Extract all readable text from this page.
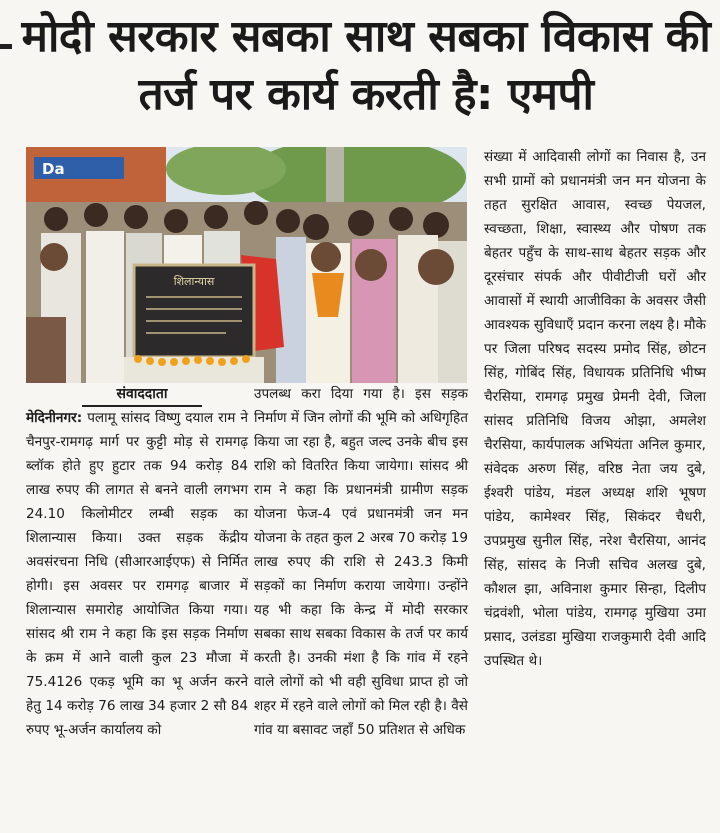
मोदी सरकार सबका साथ सबका विकास की तर्ज पर कार्य करती है: एमपी
Da
शिलान्यास
संवाददाता

मेदिनीनगर: पलामू सांसद विष्णु दयाल राम ने चैनपुर-रामगढ़ मार्ग पर कुट्टी मोड़ से रामगढ़ ब्लॉक होते हुए हुटार तक 94 करोड़ 84 लाख रुपए की लागत से बनने वाली लगभग 24.10 किलोमीटर लम्बी सड़क का शिलान्यास किया। उक्त सड़क केंद्रीय अवसंरचना निधि (सीआरआईएफ) से निर्मित होगी। इस अवसर पर रामगढ़ बाजार में शिलान्यास समारोह आयोजित किया गया। सांसद श्री राम ने कहा कि इस सड़क निर्माण के क्रम में आने वाली कुल 23 मौजा में 75.4126 एकड़ भूमि का भू अर्जन करने हेतु 14 करोड़ 76 लाख 34 हजार 2 सौ 84 रुपए भू-अर्जन कार्यालय को

उपलब्ध करा दिया गया है। इस सड़क निर्माण में जिन लोगों की भूमि को अधिगृहित किया जा रहा है, बहुत जल्द उनके बीच इस राशि को वितरित किया जायेगा। सांसद श्री राम ने कहा कि प्रधानमंत्री ग्रामीण सड़क योजना फेज-4 एवं प्रधानमंत्री जन मन योजना के तहत कुल 2 अरब 70 करोड़ 19 लाख रुपए की राशि से 243.3 किमी सड़कों का निर्माण कराया जायेगा। उन्होंने यह भी कहा कि केन्द्र में मोदी सरकार सबका साथ सबका विकास के तर्ज पर कार्य करती है। उनकी मंशा है कि गांव में रहने वाले लोगों को भी वही सुविधा प्राप्त हो जो शहर में रहने वाले लोगों को मिल रही है। वैसे गांव या बसावट जहाँ 50 प्रतिशत से अधिक

संख्या में आदिवासी लोगों का निवास है, उन सभी ग्रामों को प्रधानमंत्री जन मन योजना के तहत सुरक्षित आवास, स्वच्छ पेयजल, स्वच्छता, शिक्षा, स्वास्थ्य और पोषण तक बेहतर पहुँच के साथ-साथ बेहतर सड़क और दूरसंचार संपर्क और पीवीटीजी घरों और आवासों में स्थायी आजीविका के अवसर जैसी आवश्यक सुविधाएँ प्रदान करना लक्ष्य है। मौके पर जिला परिषद सदस्य प्रमोद सिंह, छोटन सिंह, गोबिंद सिंह, विधायक प्रतिनिधि भीष्म चैरसिया, रामगढ़ प्रमुख प्रेमनी देवी, जिला सांसद प्रतिनिधि विजय ओझा, अमलेश चैरसिया, कार्यपालक अभियंता अनिल कुमार, संवेदक अरुण सिंह, वरिष्ठ नेता जय दुबे, ईश्वरी पांडेय, मंडल अध्यक्ष शशि भूषण पांडेय, कामेश्वर सिंह, सिकंदर चैधरी, उपप्रमुख सुनील सिंह, नरेश चैरसिया, आनंद सिंह, सांसद के निजी सचिव अलख दुबे, कौशल झा, अविनाश कुमार सिन्हा, दिलीप चंद्रवंशी, भोला पांडेय, रामगढ़ मुखिया उमा प्रसाद, उलंडडा मुखिया राजकुमारी देवी आदि उपस्थित थे।
